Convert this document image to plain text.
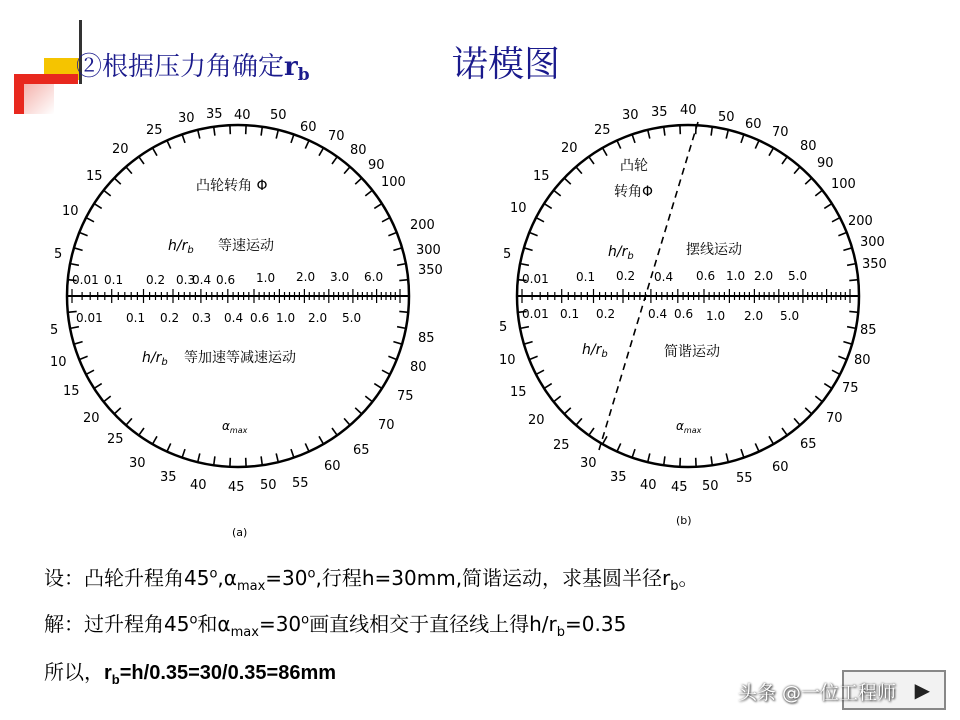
②根据压力角确定$r_b$	诺模图
5
10
15
20
25
30 35 40 50
60
70
80
90
100
200
300
350
5
10
15
20
25
30
35
40 45 50 55
60
65
70
75
80
85
0.01 0.1 0.2 0.3
0.4 0.6 1.0 2.0 3.0 6.0
0.01 0.1 0.2 0.3 0.4 0.6 1.0 2.0 5.0
凸轮转角 Φ
$h/r_b$ 等速运动
$h/r_b$ 等加速等减速运动
$\alpha_{max}$
(a)
5
10
15
20
25
30 35 40 50 60
70
80
90
100
200
300
350
5
10
15
20
25
30
35
40 45 50
55
60
65
70
75
80
85
0.01 0.1 0.2 0.4 0.6 1.0 2.0 5.0
0.01 0.1 0.2	0.4 0.6 1.0 2.0 5.0
凸轮
转角Φ
$h/r_b$	摆线运动
$h/r_b$	简谐运动
$\alpha_{max}$
(b)
设：凸轮升程角$45^o,\alpha_{max}=30^o$,行程h=30mm,简谐运动，求基圆半径$r_b$。
解：过升程角45$^o$和$\alpha_{max}=30^o$画直线相交于直径线上得$h/r_b=0.35$
所以，$r_b=h/0.35=30/0.35=86mm$
▶
头条 @一位工程师
